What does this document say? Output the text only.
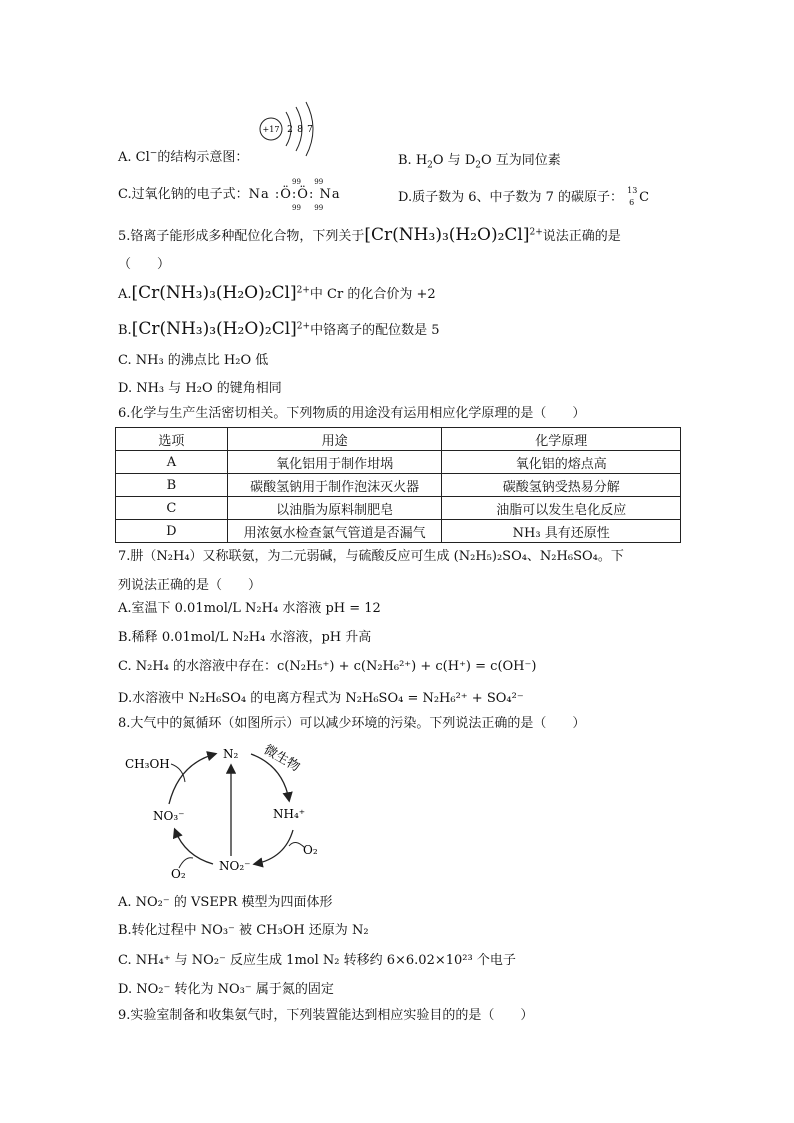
A. Cl−的结构示意图：
+17 2 8 7
B. $H_2O$ 与 $D_2O$ 互为同位素
C.过氧化钠的电子式：Na :Ö:Ö: Na
99 99
99 99
D.质子数为 6、中子数为 7 的碳原子： 13
6 C
5.铬离子能形成多种配位化合物，下列关于$[Cr(NH_3)_3(H_2O)_2Cl]^{2+}$说法正确的是
（　　）
$A.[Cr(NH_3)_3(H_2O)_2Cl]^{2+}$中 Cr 的化合价为 +2
$B.[Cr(NH_3)_3(H_2O)_2Cl]^{2+}$中铬离子的配位数是 5
C. NH₃ 的沸点比 H₂O 低
D. NH₃ 与 H₂O 的键角相同
6.化学与生产生活密切相关。下列物质的用途没有运用相应化学原理的是（　　）
选项	用途	化学原理
A	氧化铝用于制作坩埚	氧化铝的熔点高
B	碳酸氢钠用于制作泡沫灭火器	碳酸氢钠受热易分解
C	以油脂为原料制肥皂	油脂可以发生皂化反应
D	用浓氨水检查氯气管道是否漏气	NH₃ 具有还原性
7.肼（N₂H₄）又称联氨，为二元弱碱，与硫酸反应可生成 (N₂H₅)₂SO₄、N₂H₆SO₄。下
列说法正确的是（　　）
A.室温下 0.01mol/L N₂H₄ 水溶液 pH = 12
B.稀释 0.01mol/L N₂H₄ 水溶液，pH 升高
C. N₂H₄ 的水溶液中存在：c(N₂H₅⁺) + c(N₂H₆²⁺) + c(H⁺) = c(OH⁻)
D.水溶液中 N₂H₆SO₄ 的电离方程式为 N₂H₆SO₄ = N₂H₆²⁺ + SO₄²⁻
8.大气中的氮循环（如图所示）可以减少环境的污染。下列说法正确的是（　　）
CH₃OH
N₂ 微生物
NH₄⁺
NO₃⁻
NO₂⁻
O₂
O₂
A. NO₂⁻ 的 VSEPR 模型为四面体形
B.转化过程中 NO₃⁻ 被 CH₃OH 还原为 N₂
C. NH₄⁺ 与 NO₂⁻ 反应生成 1mol N₂ 转移约 6×6.02×10²³ 个电子
D. NO₂⁻ 转化为 NO₃⁻ 属于氮的固定
9.实验室制备和收集氨气时，下列装置能达到相应实验目的的是（　　）
